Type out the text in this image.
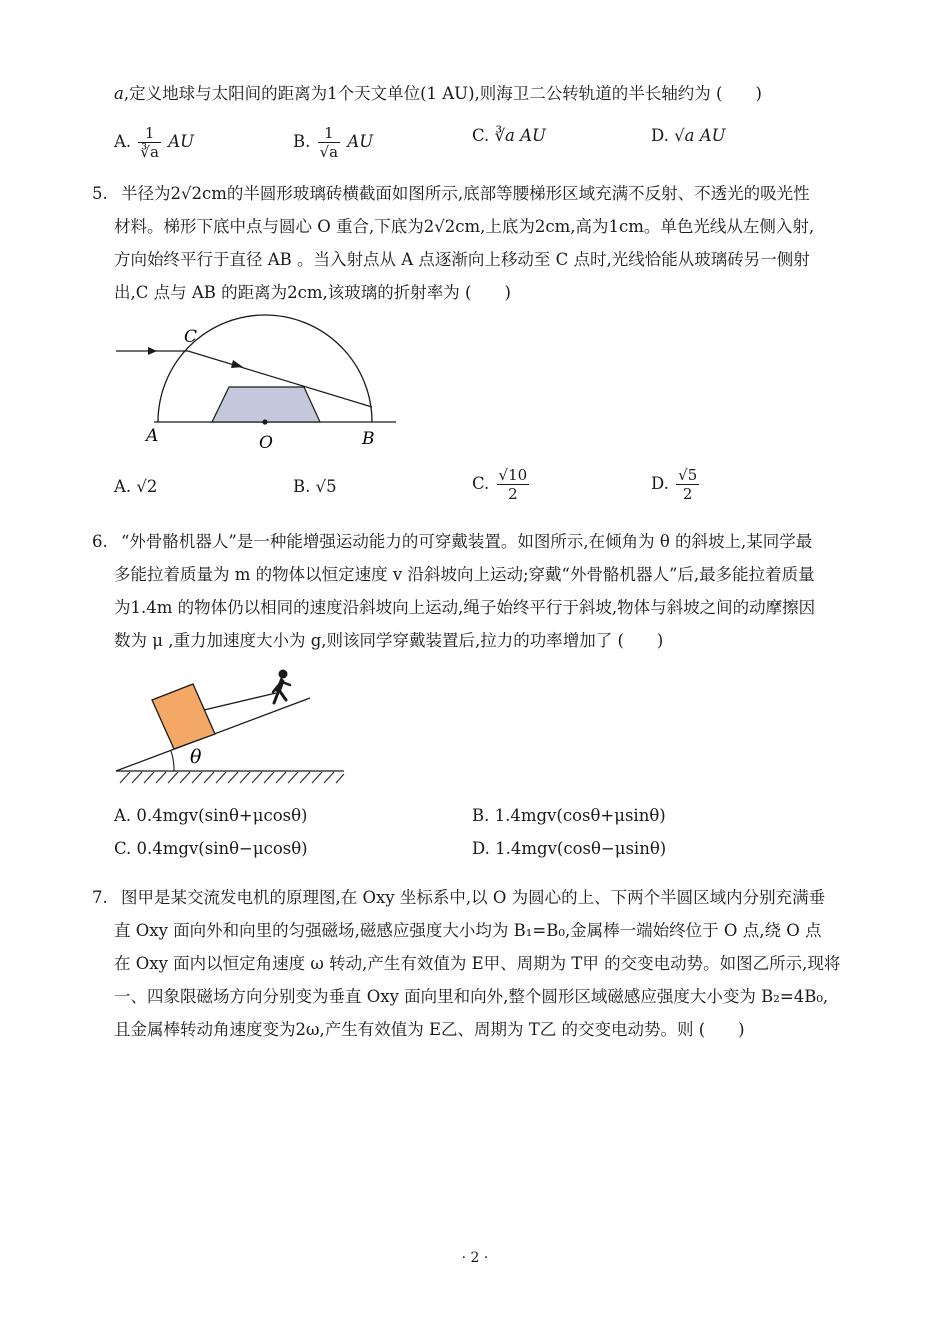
a,定义地球与太阳间的距离为1个天文单位(1 AU),则海卫二公转轨道的半长轴约为 (　　)
A. $\frac{1}{∛a}$ AU	B. $\frac{1}{√a}$ AU	C. ∛a AU	D. √a AU
5. 半径为2√2cm的半圆形玻璃砖横截面如图所示,底部等腰梯形区域充满不反射、不透光的吸光性
材料。梯形下底中点与圆心 O 重合,下底为2√2cm,上底为2cm,高为1cm。单色光线从左侧入射,
方向始终平行于直径 AB 。当入射点从 A 点逐渐向上移动至 C 点时,光线恰能从玻璃砖另一侧射
出,C 点与 AB 的距离为2cm,该玻璃的折射率为 (　　)
C
A	O	B
A. √2	B. √5	C. $\frac{√10}{2}$	D. $\frac{√5}{2}$
6. “外骨骼机器人”是一种能增强运动能力的可穿戴装置。如图所示,在倾角为 θ 的斜坡上,某同学最
多能拉着质量为 m 的物体以恒定速度 v 沿斜坡向上运动;穿戴“外骨骼机器人”后,最多能拉着质量
为1.4m 的物体仍以相同的速度沿斜坡向上运动,绳子始终平行于斜坡,物体与斜坡之间的动摩擦因
数为 μ ,重力加速度大小为 g,则该同学穿戴装置后,拉力的功率增加了 (　　)
θ
A. 0.4mgv(sinθ+μcosθ)	B. 1.4mgv(cosθ+μsinθ)
C. 0.4mgv(sinθ−μcosθ)	D. 1.4mgv(cosθ−μsinθ)
7. 图甲是某交流发电机的原理图,在 Oxy 坐标系中,以 O 为圆心的上、下两个半圆区域内分别充满垂
直 Oxy 面向外和向里的匀强磁场,磁感应强度大小均为 B₁=B₀,金属棒一端始终位于 O 点,绕 O 点
在 Oxy 面内以恒定角速度 ω 转动,产生有效值为 E甲、周期为 T甲 的交变电动势。如图乙所示,现将
一、四象限磁场方向分别变为垂直 Oxy 面向里和向外,整个圆形区域磁感应强度大小变为 B₂=4B₀,
且金属棒转动角速度变为2ω,产生有效值为 E乙、周期为 T乙 的交变电动势。则 (　　)
· 2 ·
